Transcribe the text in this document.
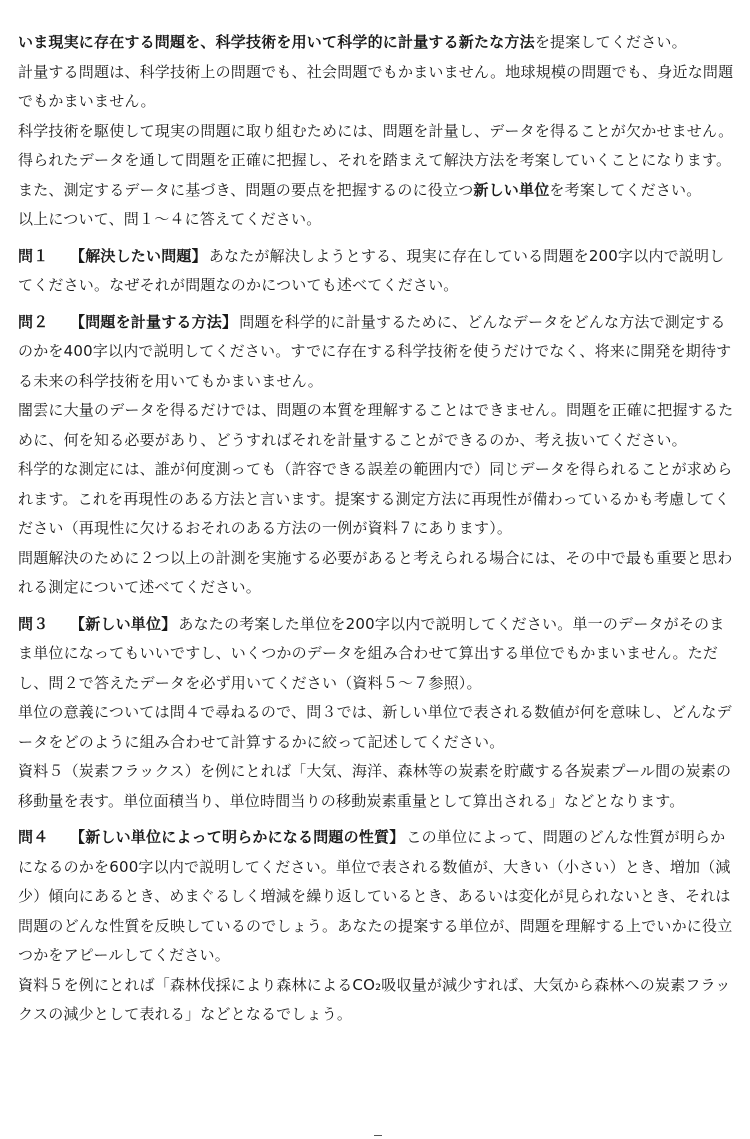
いま現実に存在する問題を、科学技術を用いて科学的に計量する新たな方法を提案してください。

計量する問題は、科学技術上の問題でも、社会問題でもかまいません。地球規模の問題でも、身近な問題でもかまいません。

科学技術を駆使して現実の問題に取り組むためには、問題を計量し、データを得ることが欠かせません。得られたデータを通して問題を正確に把握し、それを踏まえて解決方法を考案していくことになります。

また、測定するデータに基づき、問題の要点を把握するのに役立つ新しい単位を考案してください。

以上について、問１～４に答えてください。

問１ 【解決したい問題】 あなたが解決しようとする、現実に存在している問題を200字以内で説明してください。なぜそれが問題なのかについても述べてください。

問２ 【問題を計量する方法】 問題を科学的に計量するために、どんなデータをどんな方法で測定するのかを400字以内で説明してください。すでに存在する科学技術を使うだけでなく、将来に開発を期待する未来の科学技術を用いてもかまいません。

闇雲に大量のデータを得るだけでは、問題の本質を理解することはできません。問題を正確に把握するために、何を知る必要があり、どうすればそれを計量することができるのか、考え抜いてください。

科学的な測定には、誰が何度測っても（許容できる誤差の範囲内で）同じデータを得られることが求められます。これを再現性のある方法と言います。提案する測定方法に再現性が備わっているかも考慮してください（再現性に欠けるおそれのある方法の一例が資料７にあります）。

問題解決のために２つ以上の計測を実施する必要があると考えられる場合には、その中で最も重要と思われる測定について述べてください。

問３ 【新しい単位】 あなたの考案した単位を200字以内で説明してください。単一のデータがそのまま単位になってもいいですし、いくつかのデータを組み合わせて算出する単位でもかまいません。ただし、問２で答えたデータを必ず用いてください（資料５～７参照）。

単位の意義については問４で尋ねるので、問３では、新しい単位で表される数値が何を意味し、どんなデータをどのように組み合わせて計算するかに絞って記述してください。

資料５（炭素フラックス）を例にとれば「大気、海洋、森林等の炭素を貯蔵する各炭素プール間の炭素の移動量を表す。単位面積当り、単位時間当りの移動炭素重量として算出される」などとなります。

問４ 【新しい単位によって明らかになる問題の性質】 この単位によって、問題のどんな性質が明らかになるのかを600字以内で説明してください。単位で表される数値が、大きい（小さい）とき、増加（減少）傾向にあるとき、めまぐるしく増減を繰り返しているとき、あるいは変化が見られないとき、それは問題のどんな性質を反映しているのでしょう。あなたの提案する単位が、問題を理解する上でいかに役立つかをアピールしてください。

資料５を例にとれば「森林伐採により森林によるCO₂吸収量が減少すれば、大気から森林への炭素フラックスの減少として表れる」などとなるでしょう。
